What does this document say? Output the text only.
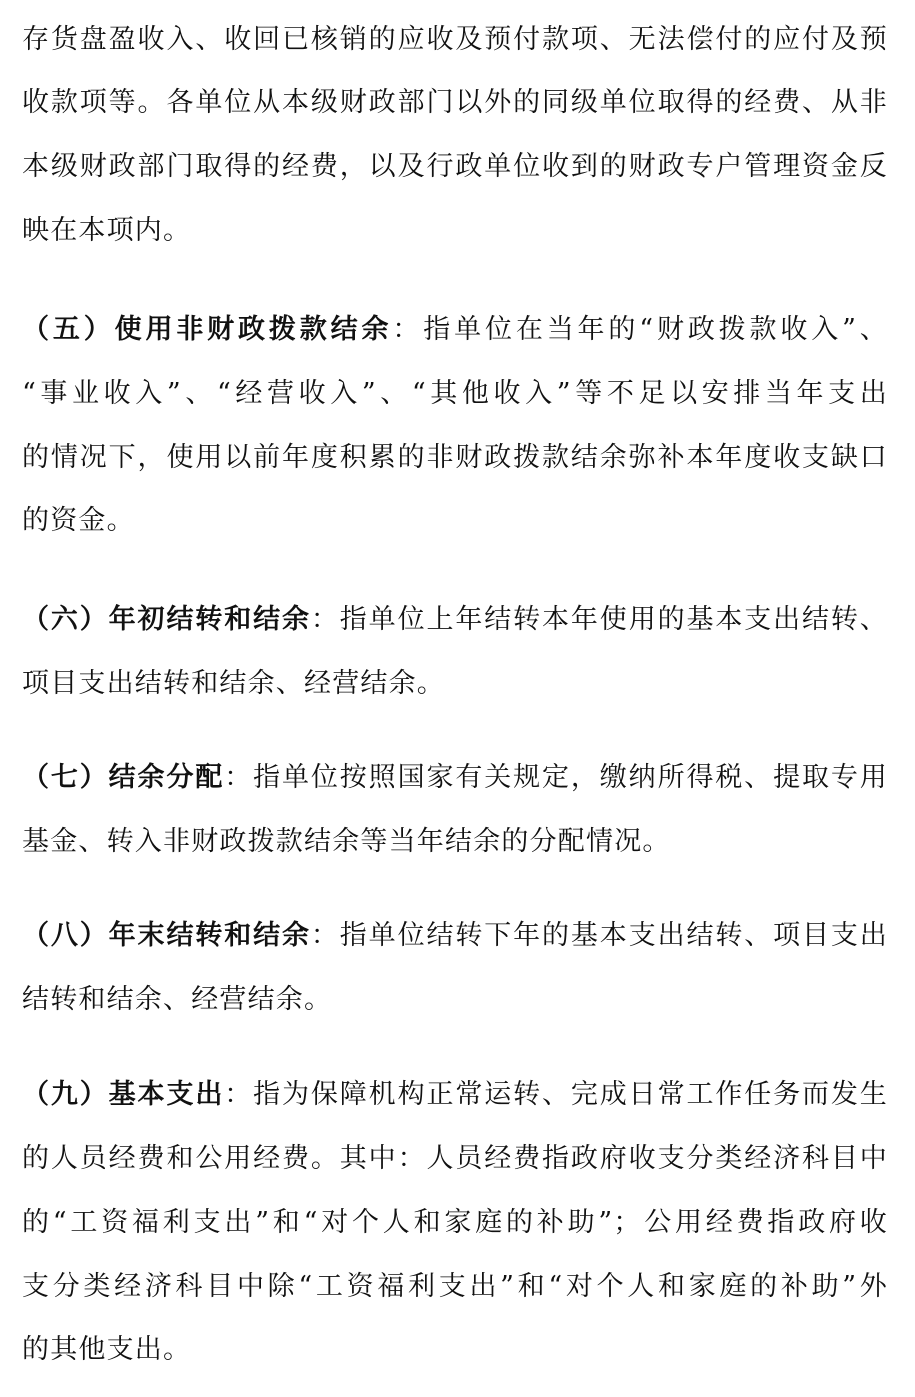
存货盘盈收入、收回已核销的应收及预付款项、无法偿付的应付及预
收款项等。各单位从本级财政部门以外的同级单位取得的经费、从非
本级财政部门取得的经费，以及行政单位收到的财政专户管理资金反
映在本项内。
（五）使用非财政拨款结余：指单位在当年的“财政拨款收入”、
“事业收入”、“经营收入”、“其他收入”等不足以安排当年支出
的情况下，使用以前年度积累的非财政拨款结余弥补本年度收支缺口
的资金。
（六）年初结转和结余：指单位上年结转本年使用的基本支出结转、
项目支出结转和结余、经营结余。
（七）结余分配：指单位按照国家有关规定，缴纳所得税、提取专用
基金、转入非财政拨款结余等当年结余的分配情况。
（八）年末结转和结余：指单位结转下年的基本支出结转、项目支出
结转和结余、经营结余。
（九）基本支出：指为保障机构正常运转、完成日常工作任务而发生
的人员经费和公用经费。其中：人员经费指政府收支分类经济科目中
的“工资福利支出”和“对个人和家庭的补助”；公用经费指政府收
支分类经济科目中除“工资福利支出”和“对个人和家庭的补助”外
的其他支出。
